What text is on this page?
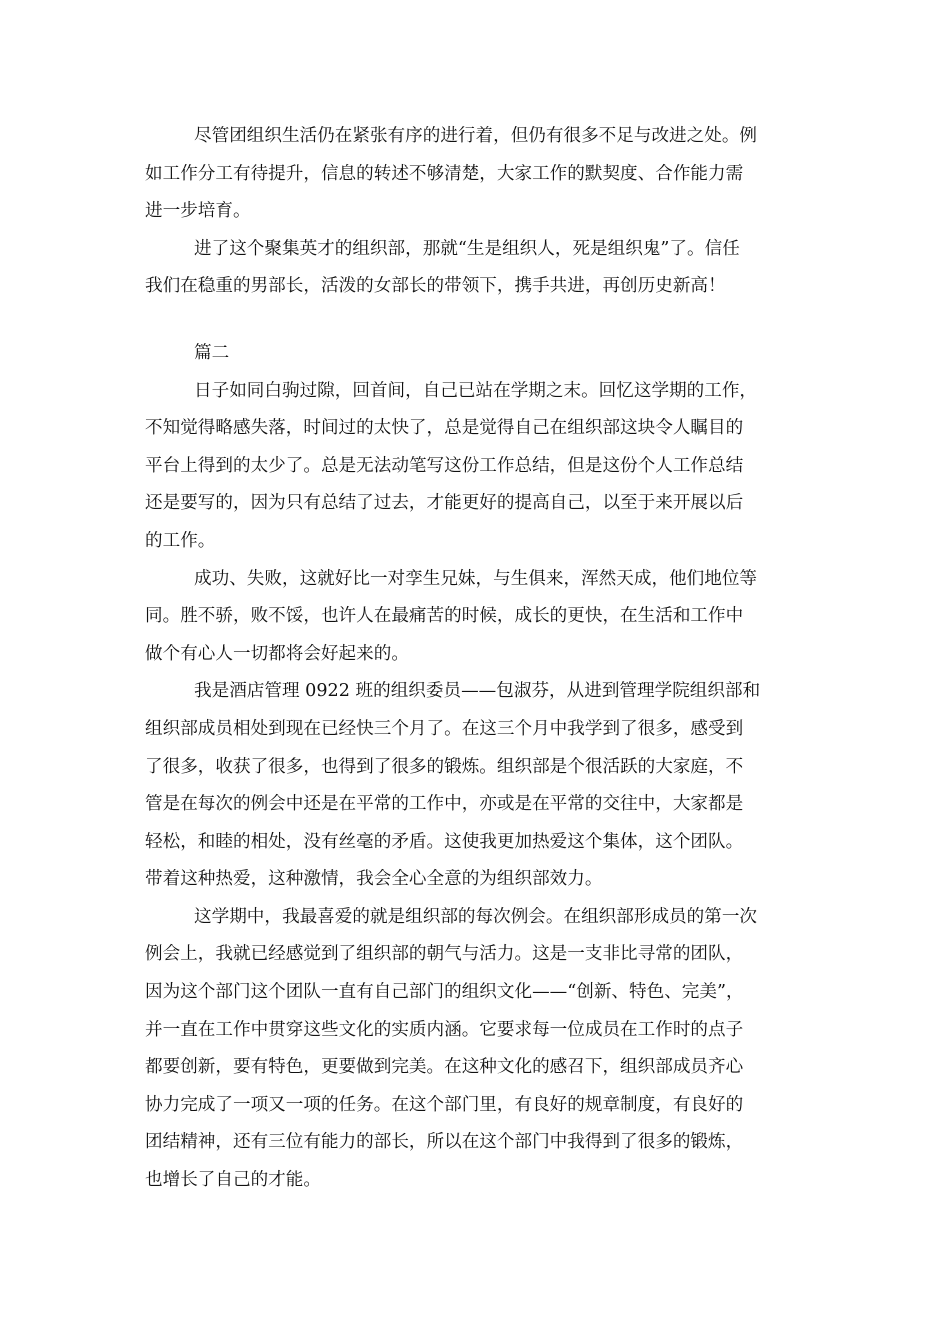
尽管团组织生活仍在紧张有序的进行着，但仍有很多不足与改进之处。例
如工作分工有待提升，信息的转述不够清楚，大家工作的默契度、合作能力需
进一步培育。
进了这个聚集英才的组织部，那就“生是组织人，死是组织鬼”了。信任
我们在稳重的男部长，活泼的女部长的带领下，携手共进，再创历史新高！
篇二
日子如同白驹过隙，回首间，自己已站在学期之末。回忆这学期的工作，
不知觉得略感失落，时间过的太快了，总是觉得自己在组织部这块令人瞩目的
平台上得到的太少了。总是无法动笔写这份工作总结，但是这份个人工作总结
还是要写的，因为只有总结了过去，才能更好的提高自己，以至于来开展以后
的工作。
成功、失败，这就好比一对孪生兄妹，与生俱来，浑然天成，他们地位等
同。胜不骄，败不馁，也许人在最痛苦的时候，成长的更快，在生活和工作中
做个有心人一切都将会好起来的。
我是酒店管理 0922 班的组织委员——包淑芬，从进到管理学院组织部和
组织部成员相处到现在已经快三个月了。在这三个月中我学到了很多，感受到
了很多，收获了很多，也得到了很多的锻炼。组织部是个很活跃的大家庭，不
管是在每次的例会中还是在平常的工作中，亦或是在平常的交往中，大家都是
轻松，和睦的相处，没有丝毫的矛盾。这使我更加热爱这个集体，这个团队。
带着这种热爱，这种激情，我会全心全意的为组织部效力。
这学期中，我最喜爱的就是组织部的每次例会。在组织部形成员的第一次
例会上，我就已经感觉到了组织部的朝气与活力。这是一支非比寻常的团队，
因为这个部门这个团队一直有自己部门的组织文化——“创新、特色、完美”，
并一直在工作中贯穿这些文化的实质内涵。它要求每一位成员在工作时的点子
都要创新，要有特色，更要做到完美。在这种文化的感召下，组织部成员齐心
协力完成了一项又一项的任务。在这个部门里，有良好的规章制度，有良好的
团结精神，还有三位有能力的部长，所以在这个部门中我得到了很多的锻炼，
也增长了自己的才能。
